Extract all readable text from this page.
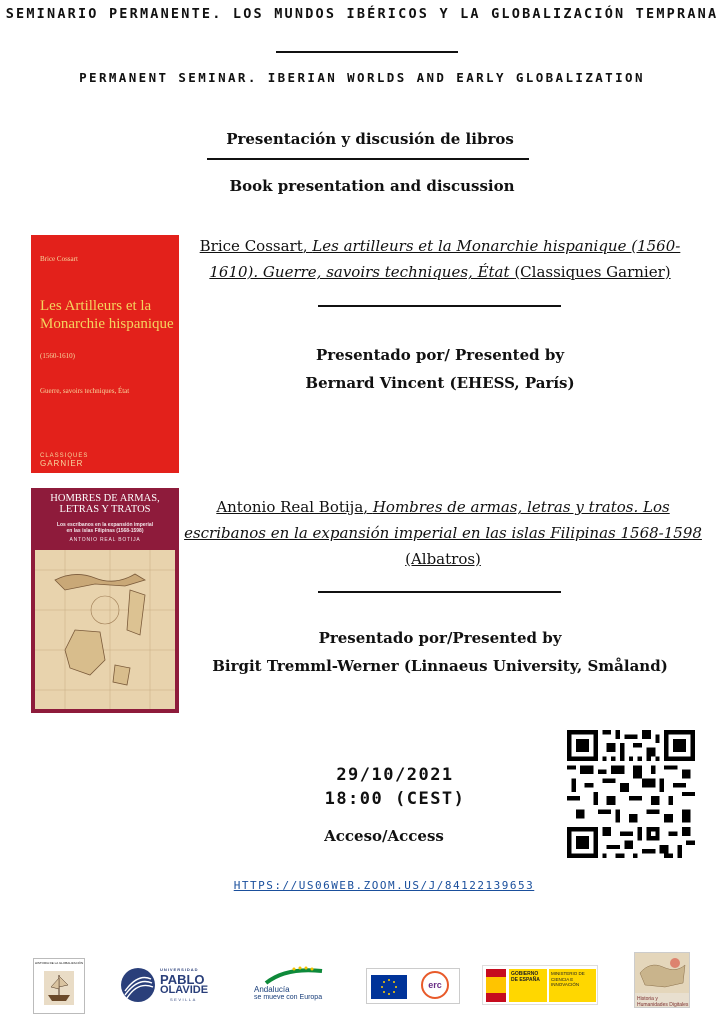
SEMINARIO PERMANENTE. LOS MUNDOS IBÉRICOS Y LA GLOBALIZACIÓN TEMPRANA
PERMANENT SEMINAR. IBERIAN WORLDS AND EARLY GLOBALIZATION
Presentación y discusión de libros
Book presentation and discussion
Brice Cossart
Les Artilleurs et la Monarchie hispanique
(1560-1610)
Guerre, savoirs techniques, État
CLASSIQUES
GARNIER
Brice Cossart, Les artilleurs et la Monarchie hispanique (1560-
1610). Guerre, savoirs techniques, État (Classiques Garnier)
Presentado por/ Presented by
Bernard Vincent (EHESS, París)
HOMBRES DE ARMAS,
LETRAS Y TRATOS
Los escribanos en la expansión imperial
en las islas Filipinas (1568-1598)
ANTONIO REAL BOTIJA
Antonio Real Botija, Hombres de armas, letras y tratos. Los
escribanos en la expansión imperial en las islas Filipinas 1568-1598
(Albatros)
Presentado por/Presented by
Birgit Tremml-Werner (Linnaeus University, Småland)
29/10/2021
18:00 (CEST)
Acceso/Access
HTTPS://US06WEB.ZOOM.US/J/84122139653
HISTORIA DE LA GLOBALIZACIÓN
UNIVERSIDAD
PABLO
OLAVIDE
SEVILLA
Andalucía
se mueve con Europa
erc
GOBIERNO DE ESPAÑA
MINISTERIO DE CIENCIA E INNOVACIÓN
Historia y Humanidades Digitales
